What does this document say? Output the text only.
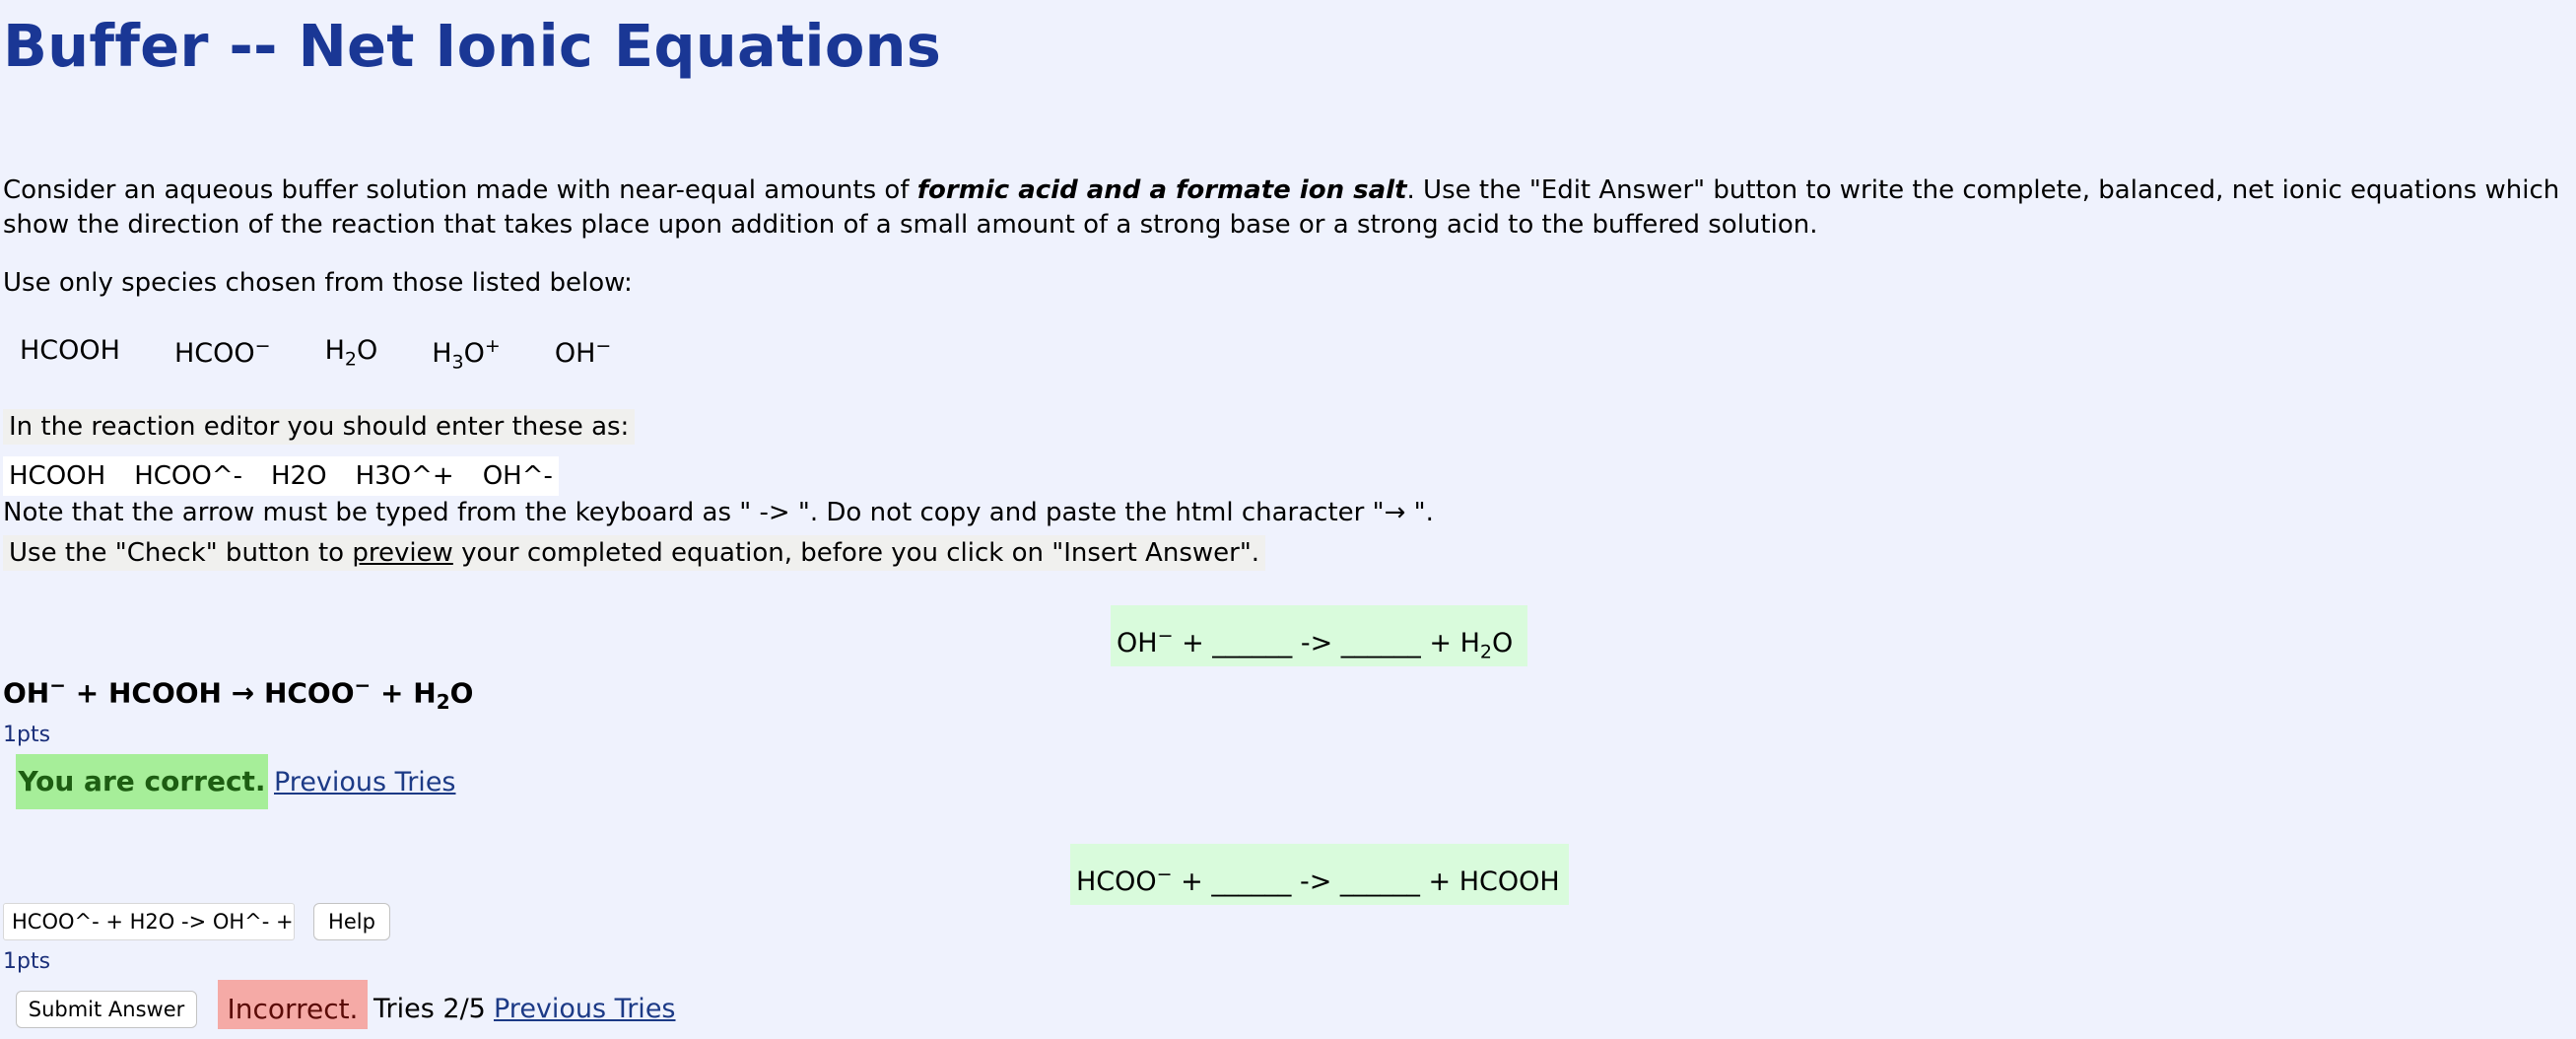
Buffer -- Net Ionic Equations
Consider an aqueous buffer solution made with near-equal amounts of formic acid and a formate ion salt. Use the "Edit Answer" button to write the complete, balanced, net ionic equations which show the direction of the reaction that takes place upon addition of a small amount of a strong base or a strong acid to the buffered solution.
Use only species chosen from those listed below:
HCOOH HCOO− $H_2O$ $H_3O^+$ OH−
In the reaction editor you should enter these as:
HCOOH HCOO^- H2O H3O^+ OH^-
Note that the arrow must be typed from the keyboard as " -> ". Do not copy and paste the html character "→ ".
Use the "Check" button to preview your completed equation, before you click on "Insert Answer".
OH− + ______ -> ______ + $H_2O$
OH− + HCOOH → HCOO− + $H_2O$
1pts
You are correct. Previous Tries
HCOO− + ______ -> ______ + HCOOH
HCOO^- + H2O -> OH^- +	Help
1pts
Submit Answer	Incorrect. Tries 2/5 Previous Tries
